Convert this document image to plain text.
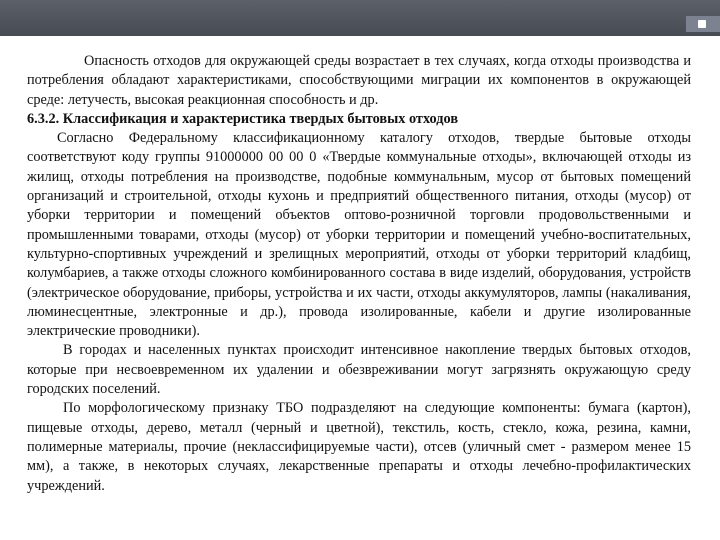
Опасность отходов для окружающей среды возрастает в тех случаях, когда отходы производства и потребления обладают характеристиками, способствующими миграции их компонентов в окружающей среде: летучесть, высокая реакционная способность и др.

6.3.2. Классификация и характеристика твердых бытовых отходов

Согласно Федеральному классификационному каталогу отходов, твердые бытовые отходы соответствуют коду группы 91000000 00 00 0 «Твердые коммунальные отходы», включающей отходы из жилищ, отходы потребления на производстве, подобные коммунальным, мусор от бытовых помещений организаций и строительной, отходы кухонь и предприятий общественного питания, отходы (мусор) от уборки территории и помещений объектов оптово-розничной торговли продовольственными и промышленными товарами, отходы (мусор) от уборки территории и помещений учебно-воспитательных, культурно-спортивных учреждений и зрелищных мероприятий, отходы от уборки территорий кладбищ, колумбариев, а также отходы сложного комбинированного состава в виде изделий, оборудования, устройств (электрическое оборудование, приборы, устройства и их части, отходы аккумуляторов, лампы (накаливания, люминесцентные, электронные и др.), провода изолированные, кабели и другие изолированные электрические проводники).

В городах и населенных пунктах происходит интенсивное накопление твердых бытовых отходов, которые при несвоевременном их удалении и обезвреживании могут загрязнять окружающую среду городских поселений.

По морфологическому признаку ТБО подразделяют на следующие компоненты: бумага (картон), пищевые отходы, дерево, металл (черный и цветной), текстиль, кость, стекло, кожа, резина, камни, полимерные материалы, прочие (неклассифицируемые части), отсев (уличный смет - размером менее 15 мм), а также, в некоторых случаях, лекарственные препараты и отходы лечебно-профилактических учреждений.
